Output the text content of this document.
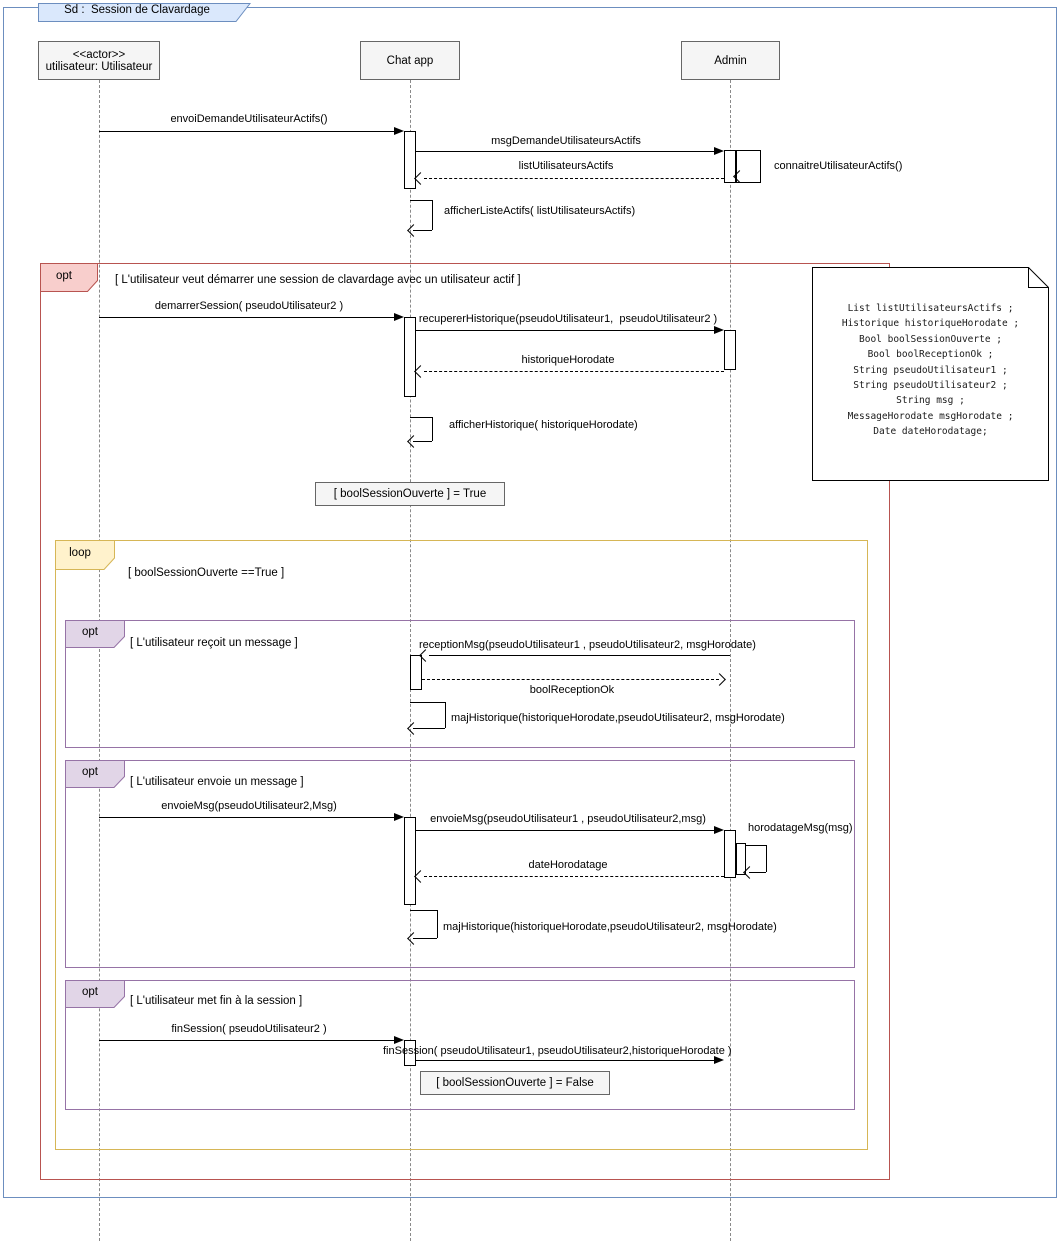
Sd :  Session de Clavardage
<<actor>>
utilisateur: Utilisateur	Chat app	Admin
envoiDemandeUtilisateurActifs()
msgDemandeUtilisateursActifs
connaitreUtilisateurActifs()
listUtilisateursActifs
afficherListeActifs( listUtilisateursActifs)
opt	[ L'utilisateur veut démarrer une session de clavardage avec un utilisateur actif ]
demarrerSession( pseudoUtilisateur2 )
recupererHistorique(pseudoUtilisateur1,  pseudoUtilisateur2 )
historiqueHorodate
afficherHistorique( historiqueHorodate)
List listUtilisateursActifs ;
Historique historiqueHorodate ;
Bool boolSessionOuverte ;
Bool boolReceptionOk ;
String pseudoUtilisateur1 ;
String pseudoUtilisateur2 ;
String msg ;
MessageHorodate msgHorodate ;
Date dateHorodatage;
[ boolSessionOuverte ] = True
loop
[ boolSessionOuverte ==True ]
opt
[ L'utilisateur reçoit un message ]	receptionMsg(pseudoUtilisateur1 , pseudoUtilisateur2, msgHorodate)
boolReceptionOk
majHistorique(historiqueHorodate,pseudoUtilisateur2, msgHorodate)
opt
[ L'utilisateur envoie un message ]
envoieMsg(pseudoUtilisateur2,Msg)
envoieMsg(pseudoUtilisateur1 , pseudoUtilisateur2,msg)
horodatageMsg(msg)
dateHorodatage
majHistorique(historiqueHorodate,pseudoUtilisateur2, msgHorodate)
opt
[ L'utilisateur met fin à la session ]
finSession( pseudoUtilisateur2 )
finSession( pseudoUtilisateur1, pseudoUtilisateur2,historiqueHorodate )
[ boolSessionOuverte ] = False
